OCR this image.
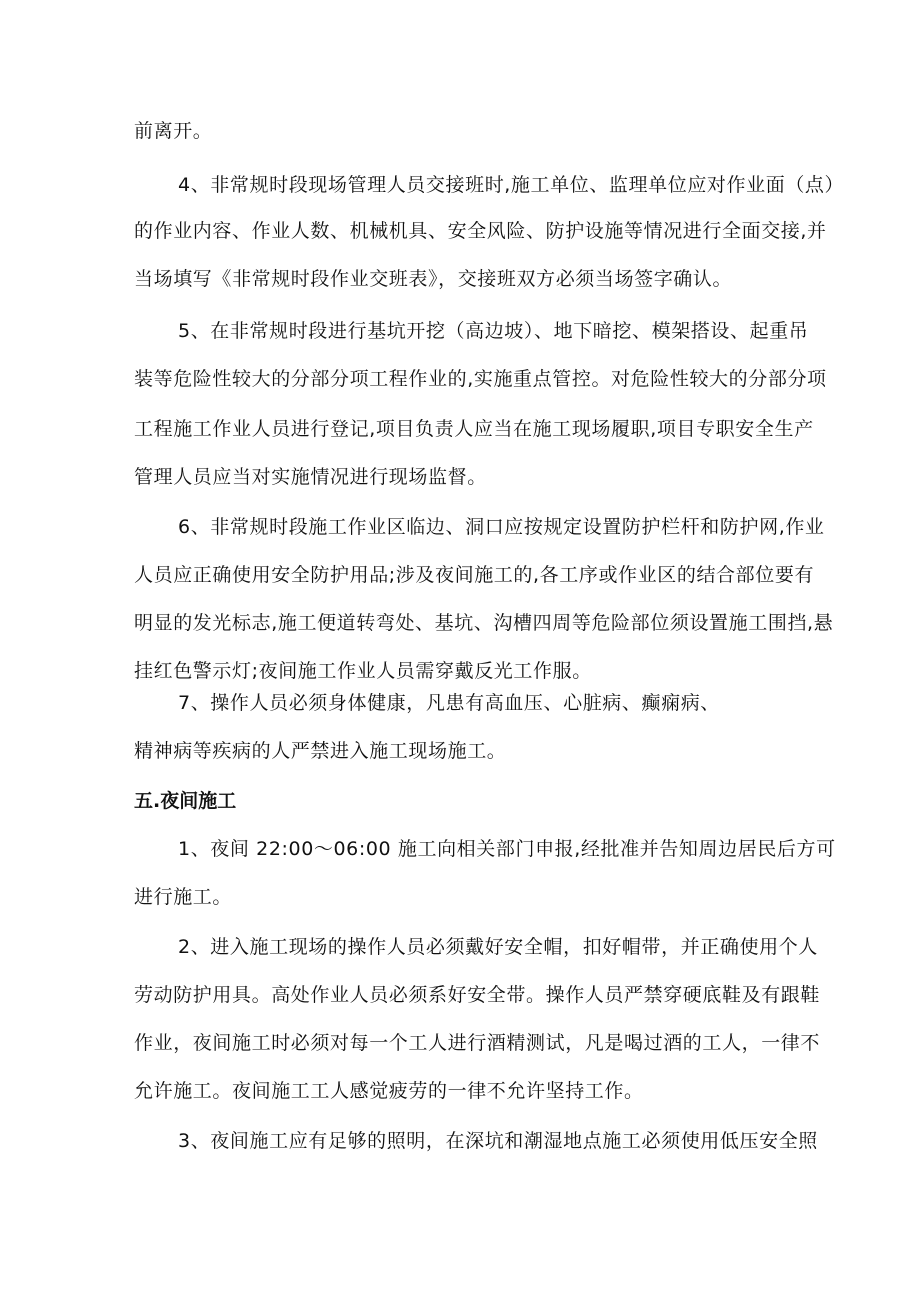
前离开。
4、非常规时段现场管理人员交接班时,施工单位、监理单位应对作业面（点）
的作业内容、作业人数、机械机具、安全风险、防护设施等情况进行全面交接,并
当场填写《非常规时段作业交班表》，交接班双方必须当场签字确认。
5、在非常规时段进行基坑开挖（高边坡）、地下暗挖、模架搭设、起重吊
装等危险性较大的分部分项工程作业的,实施重点管控。对危险性较大的分部分项
工程施工作业人员进行登记,项目负责人应当在施工现场履职,项目专职安全生产
管理人员应当对实施情况进行现场监督。
6、非常规时段施工作业区临边、洞口应按规定设置防护栏杆和防护网,作业
人员应正确使用安全防护用品;涉及夜间施工的,各工序或作业区的结合部位要有
明显的发光标志,施工便道转弯处、基坑、沟槽四周等危险部位须设置施工围挡,悬
挂红色警示灯;夜间施工作业人员需穿戴反光工作服。
7、操作人员必须身体健康，凡患有高血压、心脏病、癫痫病、
精神病等疾病的人严禁进入施工现场施工。
五.夜间施工
1、夜间 22:00～06:00 施工向相关部门申报,经批准并告知周边居民后方可
进行施工。
2、进入施工现场的操作人员必须戴好安全帽，扣好帽带，并正确使用个人
劳动防护用具。高处作业人员必须系好安全带。操作人员严禁穿硬底鞋及有跟鞋
作业，夜间施工时必须对每一个工人进行酒精测试，凡是喝过酒的工人，一律不
允许施工。夜间施工工人感觉疲劳的一律不允许坚持工作。
3、夜间施工应有足够的照明，在深坑和潮湿地点施工必须使用低压安全照
